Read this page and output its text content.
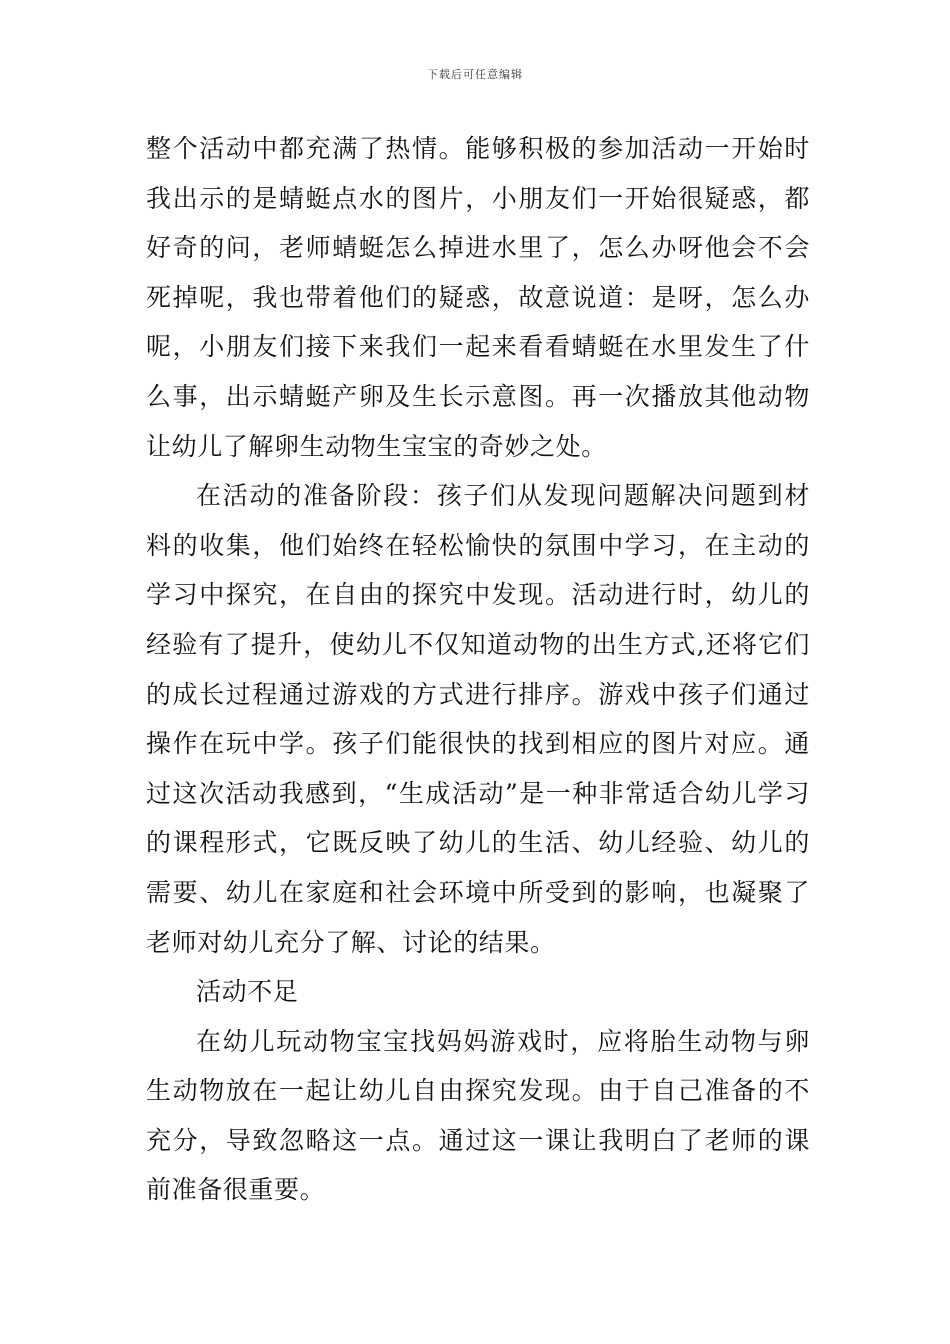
下载后可任意编辑

整个活动中都充满了热情。能够积极的参加活动一开始时我出示的是蜻蜓点水的图片，小朋友们一开始很疑惑，都好奇的问，老师蜻蜓怎么掉进水里了，怎么办呀他会不会死掉呢，我也带着他们的疑惑，故意说道：是呀，怎么办呢，小朋友们接下来我们一起来看看蜻蜓在水里发生了什么事，出示蜻蜓产卵及生长示意图。再一次播放其他动物让幼儿了解卵生动物生宝宝的奇妙之处。

在活动的准备阶段：孩子们从发现问题解决问题到材料的收集，他们始终在轻松愉快的氛围中学习，在主动的学习中探究，在自由的探究中发现。活动进行时，幼儿的经验有了提升，使幼儿不仅知道动物的出生方式,还将它们的成长过程通过游戏的方式进行排序。游戏中孩子们通过操作在玩中学。孩子们能很快的找到相应的图片对应。通过这次活动我感到，“生成活动”是一种非常适合幼儿学习的课程形式，它既反映了幼儿的生活、幼儿经验、幼儿的需要、幼儿在家庭和社会环境中所受到的影响，也凝聚了老师对幼儿充分了解、讨论的结果。

活动不足

在幼儿玩动物宝宝找妈妈游戏时，应将胎生动物与卵生动物放在一起让幼儿自由探究发现。由于自己准备的不充分，导致忽略这一点。通过这一课让我明白了老师的课前准备很重要。
